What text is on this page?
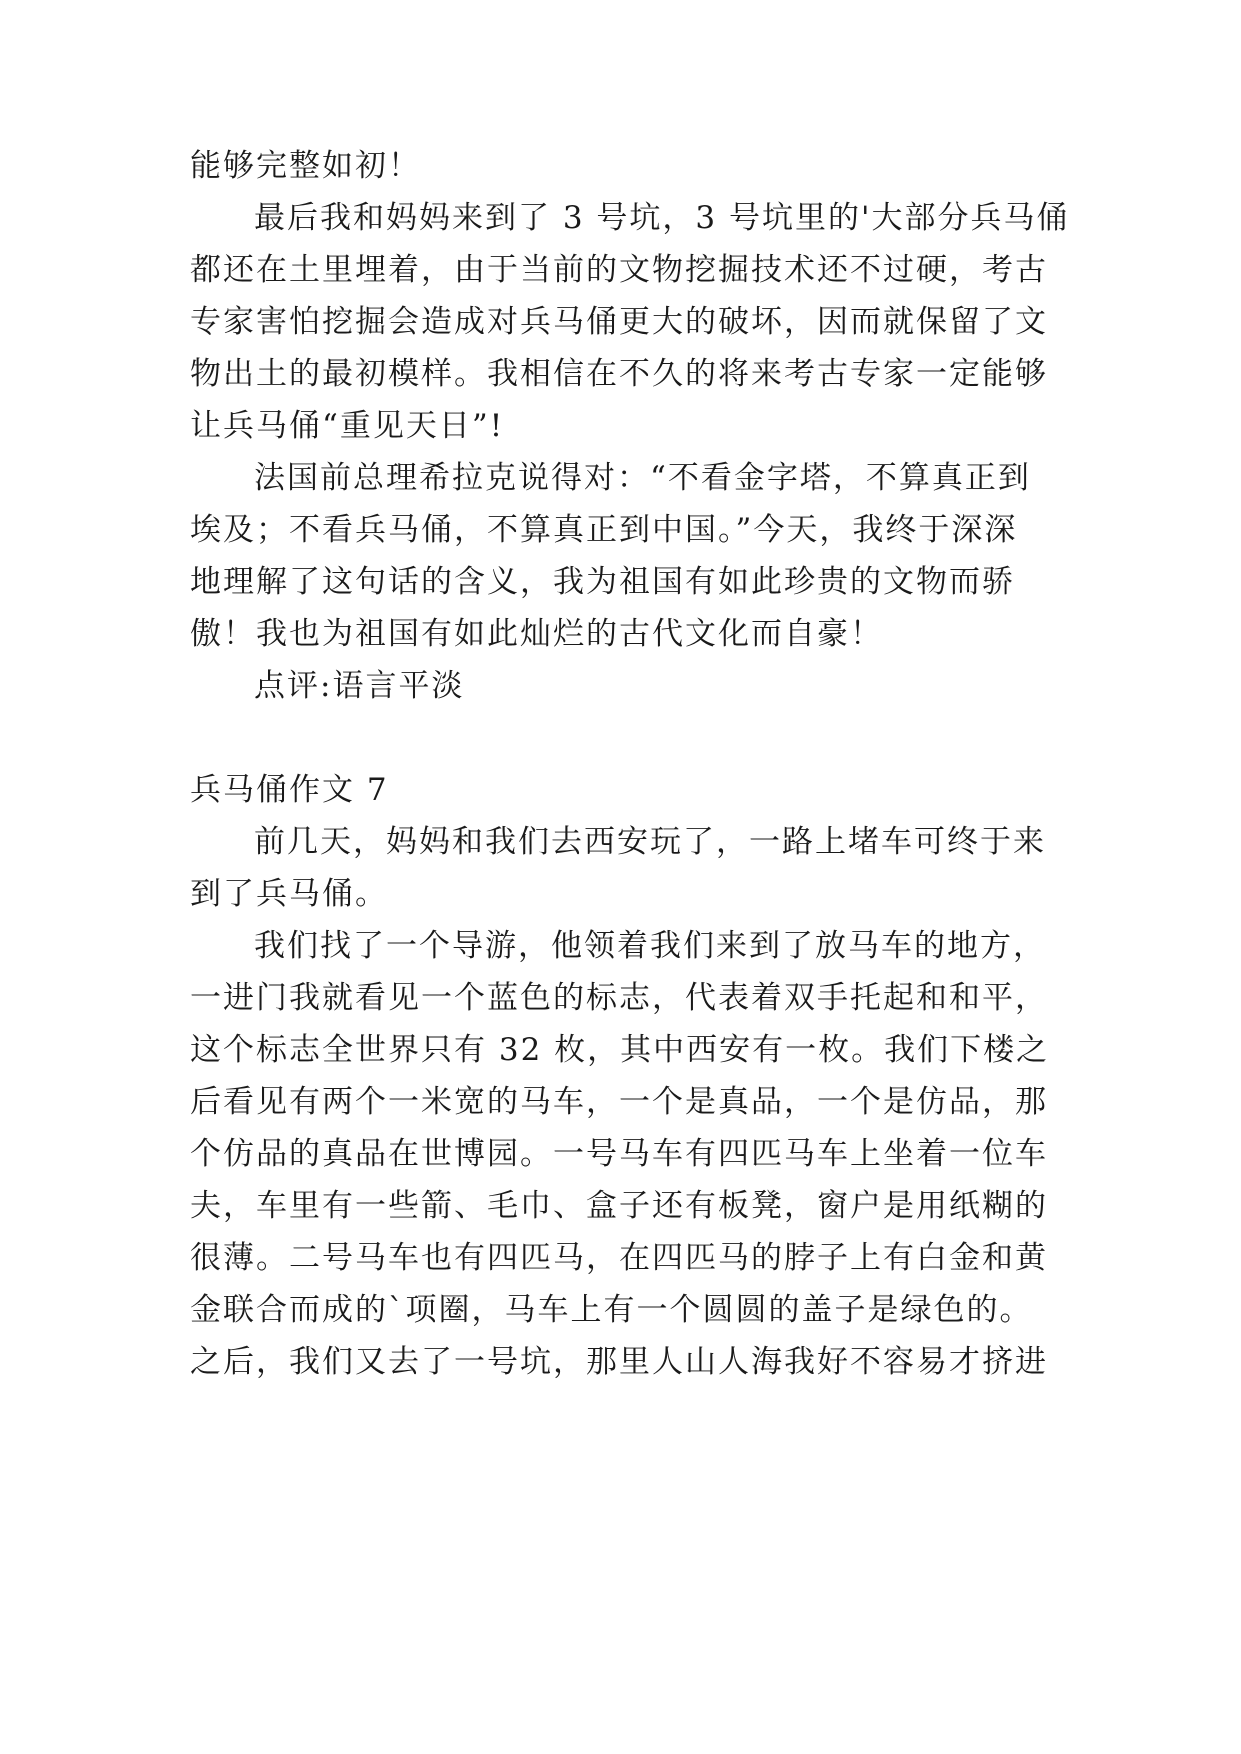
能够完整如初！
最后我和妈妈来到了 3 号坑，3 号坑里的'大部分兵马俑
都还在土里埋着，由于当前的文物挖掘技术还不过硬，考古
专家害怕挖掘会造成对兵马俑更大的破坏，因而就保留了文
物出土的最初模样。我相信在不久的将来考古专家一定能够
让兵马俑“重见天日”!
法国前总理希拉克说得对：“不看金字塔，不算真正到
埃及；不看兵马俑，不算真正到中国。”今天，我终于深深
地理解了这句话的含义，我为祖国有如此珍贵的文物而骄
傲！我也为祖国有如此灿烂的古代文化而自豪！
点评:语言平淡
兵马俑作文 7
前几天，妈妈和我们去西安玩了，一路上堵车可终于来
到了兵马俑。
我们找了一个导游，他领着我们来到了放马车的地方，
一进门我就看见一个蓝色的标志，代表着双手托起和和平，
这个标志全世界只有 32 枚，其中西安有一枚。我们下楼之
后看见有两个一米宽的马车，一个是真品，一个是仿品，那
个仿品的真品在世博园。一号马车有四匹马车上坐着一位车
夫，车里有一些箭、毛巾、盒子还有板凳，窗户是用纸糊的
很薄。二号马车也有四匹马，在四匹马的脖子上有白金和黄
金联合而成的`项圈，马车上有一个圆圆的盖子是绿色的。
之后，我们又去了一号坑，那里人山人海我好不容易才挤进
